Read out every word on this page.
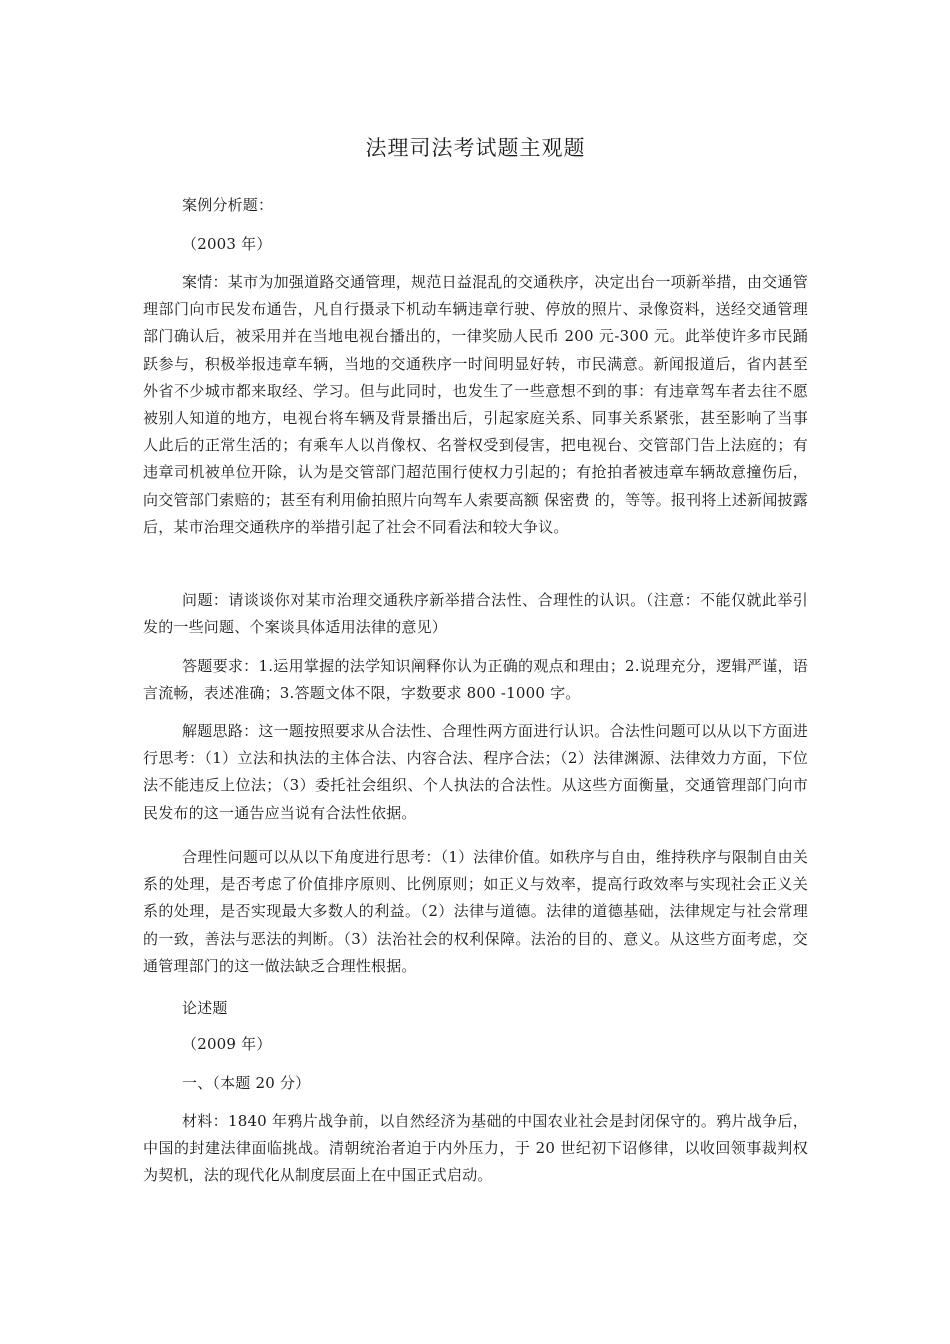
法理司法考试题主观题

案例分析题：

（2003 年）

案情：某市为加强道路交通管理，规范日益混乱的交通秩序，决定出台一项新举措，由交通管理部门向市民发布通告，凡自行摄录下机动车辆违章行驶、停放的照片、录像资料，送经交通管理部门确认后，被采用并在当地电视台播出的，一律奖励人民币 200 元-300 元。此举使许多市民踊跃参与，积极举报违章车辆，当地的交通秩序一时间明显好转，市民满意。新闻报道后，省内甚至外省不少城市都来取经、学习。但与此同时，也发生了一些意想不到的事：有违章驾车者去往不愿被别人知道的地方，电视台将车辆及背景播出后，引起家庭关系、同事关系紧张，甚至影响了当事人此后的正常生活的；有乘车人以肖像权、名誉权受到侵害，把电视台、交管部门告上法庭的；有违章司机被单位开除，认为是交管部门超范围行使权力引起的；有抢拍者被违章车辆故意撞伤后，向交管部门索赔的；甚至有利用偷拍照片向驾车人索要高额 保密费 的，等等。报刊将上述新闻披露后，某市治理交通秩序的举措引起了社会不同看法和较大争议。

问题：请谈谈你对某市治理交通秩序新举措合法性、合理性的认识。（注意：不能仅就此举引发的一些问题、个案谈具体适用法律的意见）

答题要求：1.运用掌握的法学知识阐释你认为正确的观点和理由；2.说理充分，逻辑严谨，语言流畅，表述准确；3.答题文体不限，字数要求 800 -1000 字。

解题思路：这一题按照要求从合法性、合理性两方面进行认识。合法性问题可以从以下方面进行思考：（1）立法和执法的主体合法、内容合法、程序合法；（2）法律渊源、法律效力方面，下位法不能违反上位法；（3）委托社会组织、个人执法的合法性。从这些方面衡量，交通管理部门向市民发布的这一通告应当说有合法性依据。

合理性问题可以从以下角度进行思考：（1）法律价值。如秩序与自由，维持秩序与限制自由关系的处理，是否考虑了价值排序原则、比例原则；如正义与效率，提高行政效率与实现社会正义关系的处理，是否实现最大多数人的利益。（2）法律与道德。法律的道德基础，法律规定与社会常理的一致，善法与恶法的判断。（3）法治社会的权利保障。法治的目的、意义。从这些方面考虑，交通管理部门的这一做法缺乏合理性根据。

论述题

（2009 年）

一、（本题 20 分）

材料：1840 年鸦片战争前，以自然经济为基础的中国农业社会是封闭保守的。鸦片战争后，中国的封建法律面临挑战。清朝统治者迫于内外压力，于 20 世纪初下诏修律，以收回领事裁判权为契机，法的现代化从制度层面上在中国正式启动。
